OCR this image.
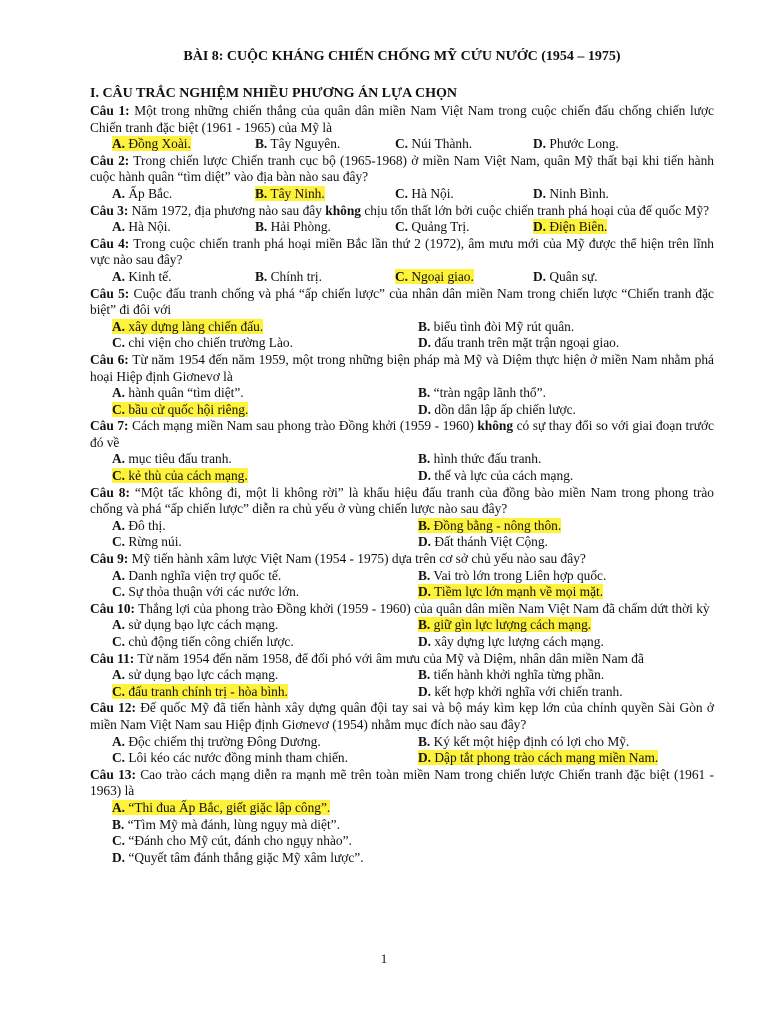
BÀI 8: CUỘC KHÁNG CHIẾN CHỐNG MỸ CỨU NƯỚC (1954 – 1975)
I. CÂU TRẮC NGHIỆM NHIỀU PHƯƠNG ÁN LỰA CHỌN

Câu 1: Một trong những chiến thắng của quân dân miền Nam Việt Nam trong cuộc chiến đấu chống chiến lược Chiến tranh đặc biệt (1961 - 1965) của Mỹ là

A. Đồng Xoài.	B. Tây Nguyên.	C. Núi Thành.	D. Phước Long.

Câu 2: Trong chiến lược Chiến tranh cục bộ (1965-1968) ở miền Nam Việt Nam, quân Mỹ thất bại khi tiến hành cuộc hành quân “tìm diệt” vào địa bàn nào sau đây?

A. Ấp Bắc.	B. Tây Ninh.	C. Hà Nội.	D. Ninh Bình.

Câu 3: Năm 1972, địa phương nào sau đây không chịu tổn thất lớn bởi cuộc chiến tranh phá hoại của đế quốc Mỹ?

A. Hà Nội.	B. Hải Phòng.	C. Quảng Trị.	D. Điện Biên.

Câu 4: Trong cuộc chiến tranh phá hoại miền Bắc lần thứ 2 (1972), âm mưu mới của Mỹ được thể hiện trên lĩnh vực nào sau đây?

A. Kinh tế.	B. Chính trị.	C. Ngoại giao.	D. Quân sự.

Câu 5: Cuộc đấu tranh chống và phá “ấp chiến lược” của nhân dân miền Nam trong chiến lược “Chiến tranh đặc biệt” đi đôi với

A. xây dựng làng chiến đấu.	B. biểu tình đòi Mỹ rút quân.
C. chi viện cho chiến trường Lào.	D. đấu tranh trên mặt trận ngoại giao.

Câu 6: Từ năm 1954 đến năm 1959, một trong những biện pháp mà Mỹ và Diệm thực hiện ở miền Nam nhằm phá hoại Hiệp định Giơnevơ là

A. hành quân “tìm diệt”.	B. “tràn ngập lãnh thổ”.
C. bầu cử quốc hội riêng.	D. dồn dân lập ấp chiến lược.

Câu 7: Cách mạng miền Nam sau phong trào Đồng khởi (1959 - 1960) không có sự thay đổi so với giai đoạn trước đó về

A. mục tiêu đấu tranh.	B. hình thức đấu tranh.
C. kẻ thù của cách mạng.	D. thế và lực của cách mạng.

Câu 8: “Một tấc không đi, một li không rời” là khẩu hiệu đấu tranh của đồng bào miền Nam trong phong trào chống và phá “ấp chiến lược” diễn ra chủ yếu ở vùng chiến lược nào sau đây?

A. Đô thị.	B. Đồng bằng - nông thôn.
C. Rừng núi.	D. Đất thánh Việt Cộng.

Câu 9: Mỹ tiến hành xâm lược Việt Nam (1954 - 1975) dựa trên cơ sở chủ yếu nào sau đây?

A. Danh nghĩa viện trợ quốc tế.	B. Vai trò lớn trong Liên hợp quốc.
C. Sự thỏa thuận với các nước lớn.	D. Tiềm lực lớn mạnh về mọi mặt.

Câu 10: Thắng lợi của phong trào Đồng khởi (1959 - 1960) của quân dân miền Nam Việt Nam đã chấm dứt thời kỳ

A. sử dụng bạo lực cách mạng.	B. giữ gìn lực lượng cách mạng.
C. chủ động tiến công chiến lược.	D. xây dựng lực lượng cách mạng.

Câu 11: Từ năm 1954 đến năm 1958, để đối phó với âm mưu của Mỹ và Diệm, nhân dân miền Nam đã

A. sử dụng bạo lực cách mạng.	B. tiến hành khởi nghĩa từng phần.
C. đấu tranh chính trị - hòa bình.	D. kết hợp khởi nghĩa với chiến tranh.

Câu 12: Đế quốc Mỹ đã tiến hành xây dựng quân đội tay sai và bộ máy kìm kẹp lớn của chính quyền Sài Gòn ở miền Nam Việt Nam sau Hiệp định Giơnevơ (1954) nhằm mục đích nào sau đây?

A. Độc chiếm thị trường Đông Dương.	B. Ký kết một hiệp định có lợi cho Mỹ.
C. Lôi kéo các nước đồng minh tham chiến.	D. Dập tắt phong trào cách mạng miền Nam.

Câu 13: Cao trào cách mạng diễn ra mạnh mẽ trên toàn miền Nam trong chiến lược Chiến tranh đặc biệt (1961 - 1963) là

A. “Thi đua Ấp Bắc, giết giặc lập công”.
B. “Tìm Mỹ mà đánh, lùng ngụy mà diệt”.
C. “Đánh cho Mỹ cút, đánh cho ngụy nhào”.
D. “Quyết tâm đánh thắng giặc Mỹ xâm lược”.
1
